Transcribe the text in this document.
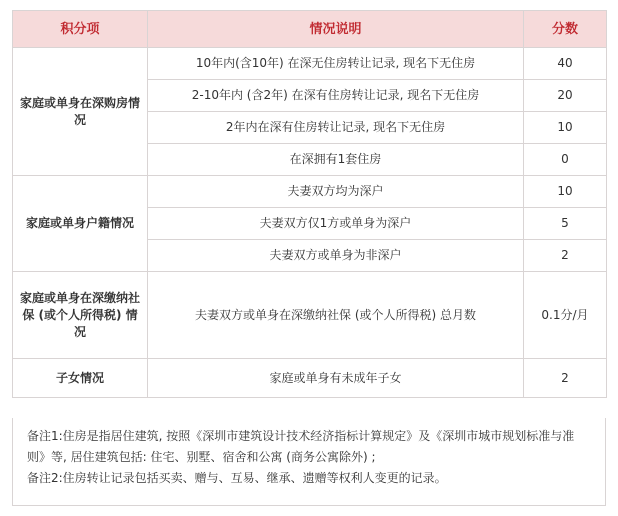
积分项	情况说明	分数
家庭或单身在深购房情况	10年内(含10年) 在深无住房转让记录, 现名下无住房	40
	2-10年内 (含2年) 在深有住房转让记录, 现名下无住房	20
	2年内在深有住房转让记录, 现名下无住房	10
	在深拥有1套住房	0
家庭或单身户籍情况	夫妻双方均为深户	10
	夫妻双方仅1方或单身为深户	5
	夫妻双方或单身为非深户	2
家庭或单身在深缴纳社保 (或个人所得税) 情况	夫妻双方或单身在深缴纳社保 (或个人所得税) 总月数	0.1分/月
子女情况	家庭或单身有未成年子女	2

备注1:住房是指居住建筑, 按照《深圳市建筑设计技术经济指标计算规定》及《深圳市城市规划标准与准则》等, 居住建筑包括: 住宅、别墅、宿舍和公寓 (商务公寓除外) ;

备注2:住房转让记录包括买卖、赠与、互易、继承、遗赠等权利人变更的记录。
